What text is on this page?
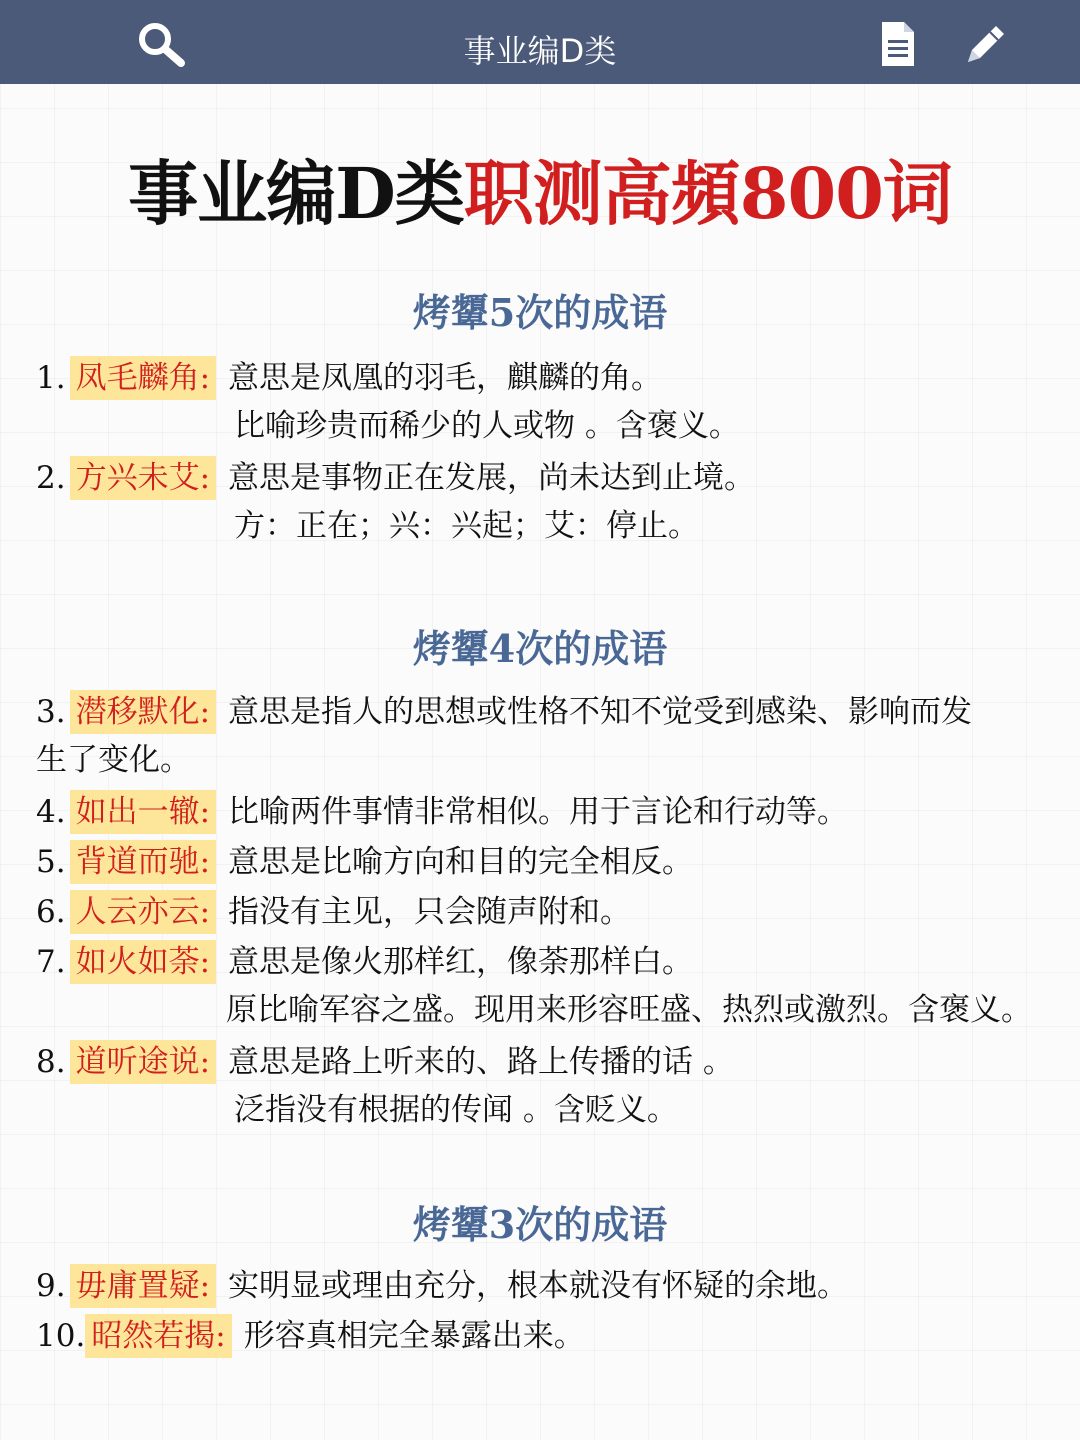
事业编D类
事业编D类职测高頻800词
烤顰5次的成语
1. 凤毛麟角: 意思是凤凰的羽毛，麒麟的角。
比喻珍贵而稀少的人或物 。含褒义。
2. 方兴未艾: 意思是事物正在发展，尚未达到止境。
方：正在；兴：兴起；艾：停止。
烤顰4次的成语
3. 潜移默化: 意思是指人的思想或性格不知不觉受到感染、影响而发
生了变化。
4. 如出一辙: 比喻两件事情非常相似。用于言论和行动等。
5. 背道而驰: 意思是比喻方向和目的完全相反。
6. 人云亦云: 指没有主见，只会随声附和。
7. 如火如荼: 意思是像火那样红，像荼那样白。
原比喻军容之盛。现用来形容旺盛、热烈或激烈。含褒义。
8. 道听途说: 意思是路上听来的、路上传播的话 。
泛指没有根据的传闻 。含贬义。
烤顰3次的成语
9. 毋庸置疑: 实明显或理由充分，根本就没有怀疑的余地。
10. 昭然若揭: 形容真相完全暴露出来。
